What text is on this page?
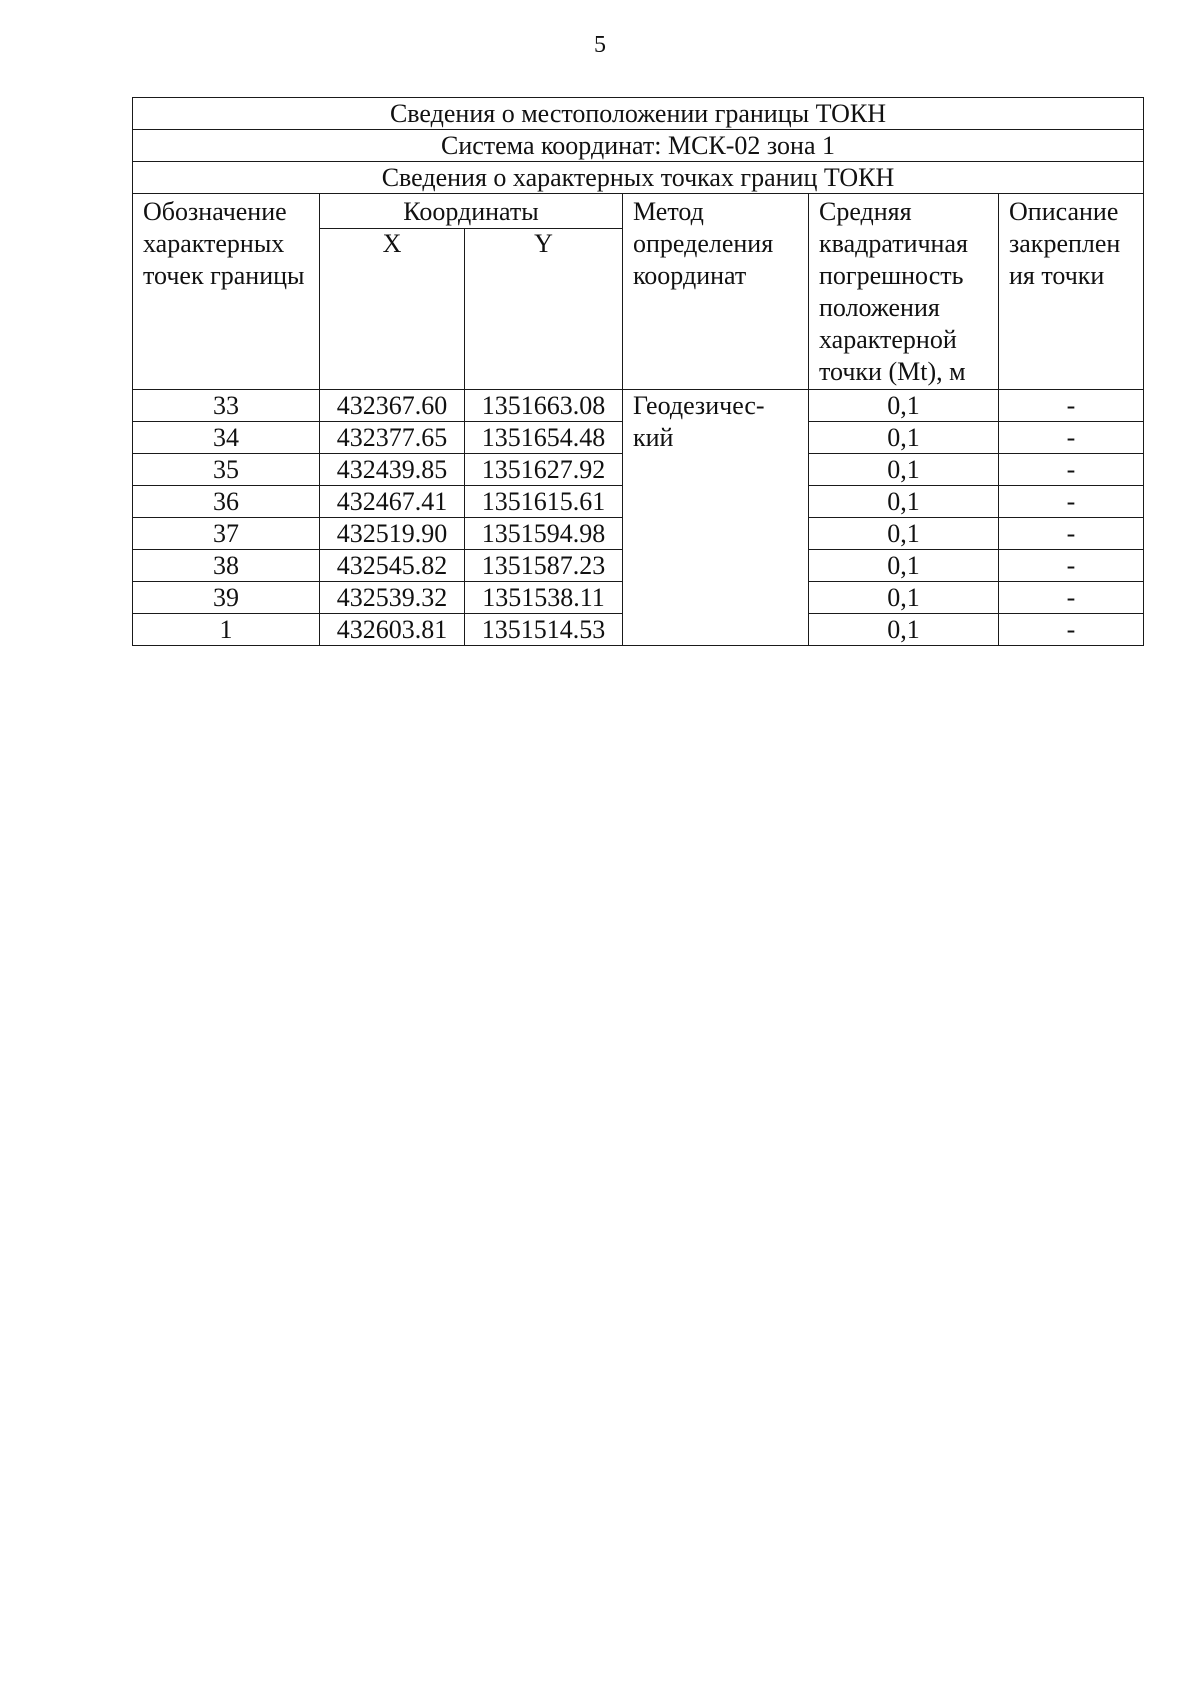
5
Сведения о местоположении границы ТОКН					
Система координат: МСК-02 зона 1					
Сведения о характерных точках границ ТОКН					
Обозначение характерных точек границы	Координаты		Метод определения координат	Средняя квадратичная погрешность положения характерной точки (Mt), м	Описание закреплен ия точки
	X	Y			
33	432367.60	1351663.08	Геодезичес- кий	0,1	-
34	432377.65	1351654.48		0,1	-
35	432439.85	1351627.92		0,1	-
36	432467.41	1351615.61		0,1	-
37	432519.90	1351594.98		0,1	-
38	432545.82	1351587.23		0,1	-
39	432539.32	1351538.11		0,1	-
1	432603.81	1351514.53		0,1	-
